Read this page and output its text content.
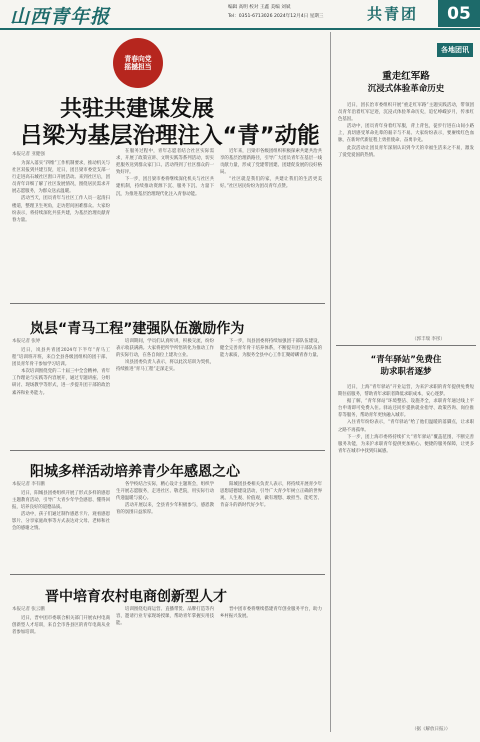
山西青年报	编辑 高明 校对 王鑫 美编 刘斌
Tel：0351-6713026 2024年12月4日 星期三	共青团	05
青春向党
摇撼担当
共驻共建谋发展
吕梁为基层治理注入“青”动能
本报记者 亚健强

为深入落实“四维”工作机制要求，推动机关与社区双报到共建互促，近日，团吕梁市委党支部一行走进高石城社区窗口开展活动。来到社区后，团员青年详细了解了社区发展情况，围绕居民需求开展志愿服务，为群众送去温暖。

活动当天，团员青年与社区工作人员一起清扫楼道，整理卫生死角，走访慰问困难群众。大家纷纷表示，将持续深化共驻共建，为基层治理贡献青春力量。

在服务过程中，青年志愿者结合社区实际需求，开展了政策宣讲、文明实践等系列活动，切实把服务送到群众家门口。活动得到了社区群众的一致好评。

下一步，团吕梁市委将继续深化机关与社区共建机制，持续推动资源下沉、服务下沉、力量下沉，为推进基层治理现代化注入青春动能。

近年来，吕梁市各级团组织积极探索共建共治共享的基层治理新路径，引导广大团员青年在基层一线贡献力量，形成了党建带团建、团建促发展的良好格局。

“社区就是我们的家，共建让我们的生活更美好。”社区居民纷纷为团员青年点赞。

岚县“青马工程”建强队伍激励作为
本报记者 张婷

近日，岚县共青团2024年下半年“青马工程”培训班开班，来自全县各级团组织的团干部、团员青年骨干参加学习培训。

本次培训围绕党的二十届三中全会精神、青年工作理论与实践等内容展开，通过专题讲座、分组研讨、现场教学等形式，进一步提升团干部的政治素养和业务能力。

培训期间，学员们认真听讲，积极交流，纷纷表示收获满满。大家将把所学所悟转化为推动工作的实际行动，在各自岗位上建功立业。

岚县团委负责人表示，将以此次培训为契机，持续推进“青马工程”走深走实。

下一步，岚县团委将持续加强团干部队伍建设，健全完善青年骨干培养体系，不断提升团干部队伍的能力素质，为服务全县中心工作汇聚磅礴青春力量。

阳城多样活动培养青少年感恩之心
本报记者 李有鹏

近日，阳城县团委组织开展了形式多样的感恩主题教育活动，引导广大青少年学会感恩、懂得回报，培养良好的道德品质。

活动中，孩子们通过制作感恩卡片、观看感恩影片、分享家庭故事等方式表达对父母、老师和社会的感谢之情。

各学校结合实际，精心设计主题班会，组织学生开展志愿服务，走进社区、敬老院，用实际行动传递温暖与爱心。

活动开展以来，全县青少年积极参与，感恩教育的氛围日益浓厚。

阳城团县委相关负责人表示，将持续开展青少年思想道德建设活动，引导广大青少年树立正确的世界观、人生观、价值观，做有理想、敢担当、能吃苦、肯奋斗的新时代好少年。

晋中培育农村电商创新型人才
本报记者 张云鹏

近日，晋中团市委联合相关部门开展农村电商创新型人才培训，来自全市各县区的青年电商从业者参加培训。

培训围绕电商运营、直播带货、品牌打造等内容，邀请行业专家现场授课，帮助青年掌握实用技能。

晋中团市委将继续搭建青年创业服务平台，助力乡村振兴发展。

各地团讯
重走红军路
沉浸式体验革命历史

近日，团长治市委组织开展“重走红军路”主题实践活动，带领团员青年沿着红军足迹，沉浸式体验革命历史，追忆峥嵘岁月，传承红色基因。

活动中，团员青年身着红军服，背上背包，徒步行进在山间小路上，真切感受革命先辈的艰辛与不易。大家纷纷表示，要赓续红色血脉，在新时代新征程上勇担使命、奋勇争先。

此次活动让团员青年深刻认识到今天的幸福生活来之不易，激发了爱党爱国的热情。

（郭丰瑞 李彤）
“青年驿站”免费住
助求职者逐梦

近日，上海“青年驿站”开业运营，为来沪求职的青年提供免费短期住宿服务，帮助青年求职者降低求职成本，安心逐梦。

据了解，“青年驿站”环境整洁、设施齐全，求职青年通过线上平台申请即可免费入住。驿站还同步提供就业指导、政策咨询、岗位推荐等服务，帮助青年更快融入城市。

入住青年纷纷表示，“青年驿站”给了他们温暖的落脚点，让求职之路不再孤单。

下一步，团上海市委将持续扩大“青年驿站”覆盖范围，不断完善服务功能，为来沪求职青年提供更加贴心、便捷的服务保障，让更多青年在城市中找到归属感。

（据《解放日报》）
